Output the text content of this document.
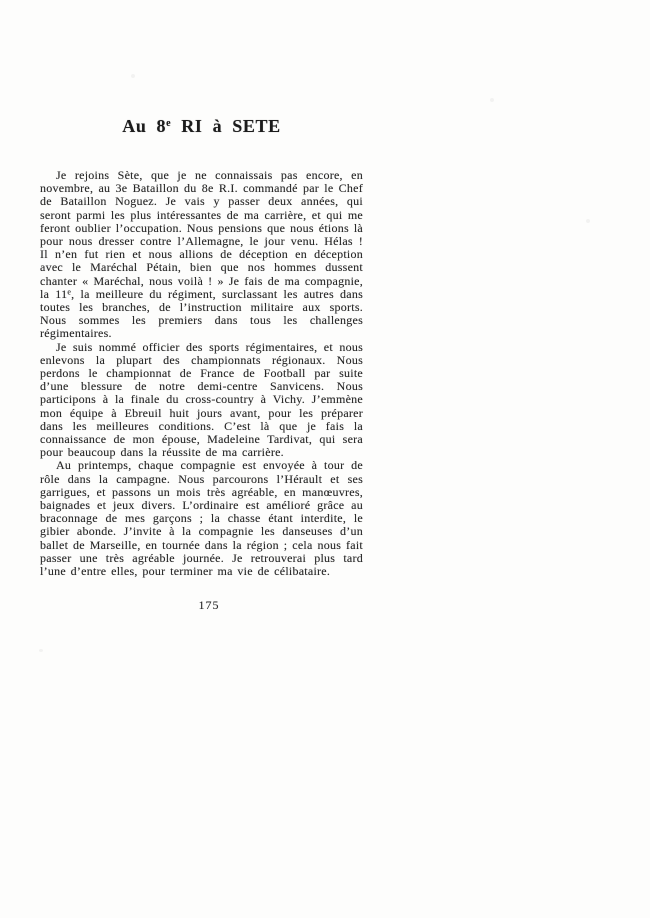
Au 8e RI à SETE

Je rejoins Sète, que je ne connaissais pas encore, en novembre, au 3e Bataillon du 8e R.I. commandé par le Chef de Bataillon Noguez. Je vais y passer deux années, qui seront parmi les plus intéressantes de ma carrière, et qui me feront oublier l’occupation. Nous pensions que nous étions là pour nous dresser contre l’Allemagne, le jour venu. Hélas ! Il n’en fut rien et nous allions de déception en déception avec le Maréchal Pétain, bien que nos hommes dussent chanter « Maréchal, nous voilà ! » Je fais de ma compagnie, la 11e, la meilleure du régiment, surclassant les autres dans toutes les branches, de l’instruction militaire aux sports. Nous sommes les premiers dans tous les challenges régimentaires.

Je suis nommé officier des sports régimentaires, et nous enlevons la plupart des championnats régionaux. Nous perdons le championnat de France de Football par suite d’une blessure de notre demi-centre Sanvicens. Nous participons à la finale du cross-country à Vichy. J’emmène mon équipe à Ebreuil huit jours avant, pour les préparer dans les meilleures conditions. C’est là que je fais la connaissance de mon épouse, Madeleine Tardivat, qui sera pour beaucoup dans la réussite de ma carrière.

Au printemps, chaque compagnie est envoyée à tour de rôle dans la campagne. Nous parcourons l’Hérault et ses garrigues, et passons un mois très agréable, en manœuvres, baignades et jeux divers. L’ordinaire est amélioré grâce au braconnage de mes garçons ; la chasse étant interdite, le gibier abonde. J’invite à la compagnie les danseuses d’un ballet de Marseille, en tournée dans la région ; cela nous fait passer une très agréable journée. Je retrouverai plus tard l’une d’entre elles, pour terminer ma vie de célibataire.

175
